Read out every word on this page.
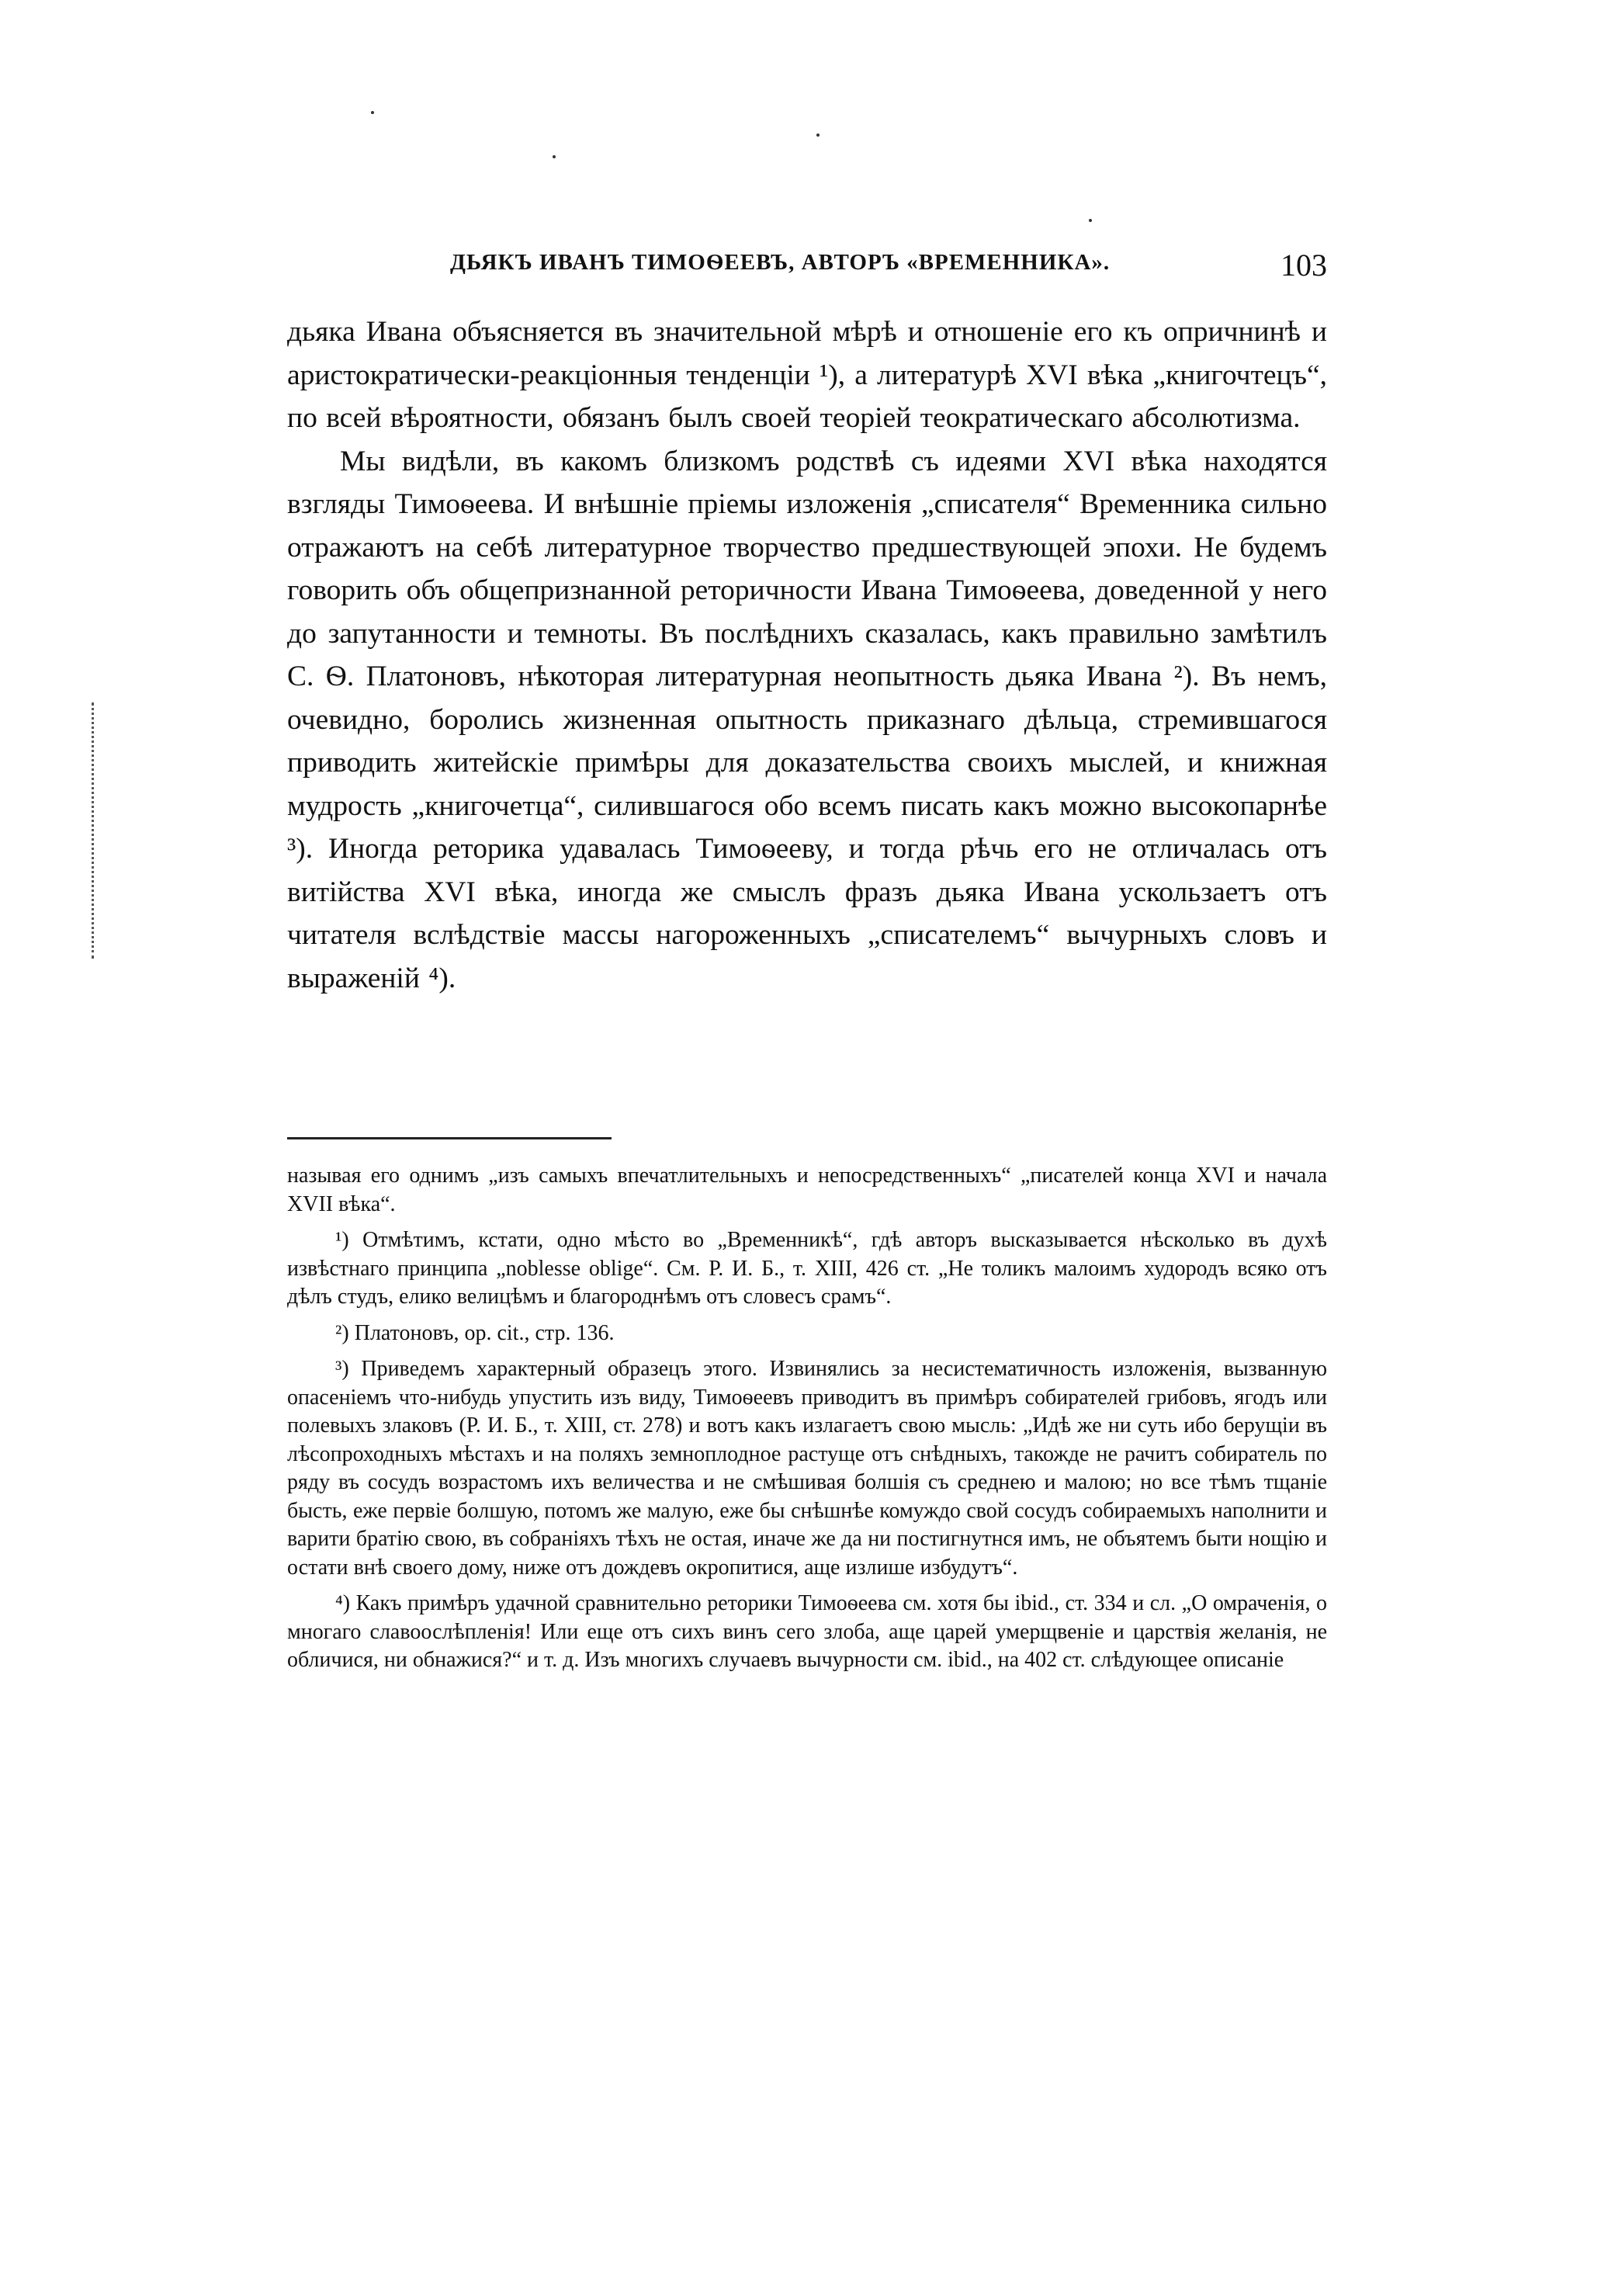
ДЬЯКЪ ИВАНЪ ТИМОѲЕЕВЪ, АВТОРЪ «ВРЕМЕННИКА».	103

дьяка Ивана объясняется въ значительной мѣрѣ и отношеніе его къ опричнинѣ и аристократически-реакціонныя тенденціи ¹), а литературѣ XVI вѣка „книгочтецъ“, по всей вѣроятности, обязанъ былъ своей теоріей теократическаго абсолютизма.

Мы видѣли, въ какомъ близкомъ родствѣ съ идеями XVI вѣка находятся взгляды Тимоѳеева. И внѣшніе пріемы изложенія „списателя“ Временника сильно отражаютъ на себѣ литературное творчество предшествующей эпохи. Не будемъ говорить объ общепризнанной реторичности Ивана Тимоѳеева, доведенной у него до запутанности и темноты. Въ послѣднихъ сказалась, какъ правильно замѣтилъ С. Ѳ. Платоновъ, нѣкоторая литературная неопытность дьяка Ивана ²). Въ немъ, очевидно, боролись жизненная опытность приказнаго дѣльца, стремившагося приводить житейскіе примѣры для доказательства своихъ мыслей, и книжная мудрость „книгочетца“, силившагося обо всемъ писать какъ можно высокопарнѣе ³). Иногда реторика удавалась Тимоѳееву, и тогда рѣчь его не отличалась отъ витійства XVI вѣка, иногда же смыслъ фразъ дьяка Ивана ускользаетъ отъ читателя вслѣдствіе массы нагороженныхъ „списателемъ“ вычурныхъ словъ и выраженій ⁴).

называя его однимъ „изъ самыхъ впечатлительныхъ и непосредственныхъ“ „писателей конца XVI и начала XVII вѣка“.

¹) Отмѣтимъ, кстати, одно мѣсто во „Временникѣ“, гдѣ авторъ высказывается нѣсколько въ духѣ извѣстнаго принципа „noblesse oblige“. См. Р. И. Б., т. XIII, 426 ст. „Не толикъ малоимъ худородъ всяко отъ дѣлъ студъ, елико велицѣмъ и благороднѣмъ отъ словесъ срамъ“.

²) Платоновъ, op. cit., стр. 136.

³) Приведемъ характерный образецъ этого. Извинялись за несистематичность изложенія, вызванную опасеніемъ что-нибудь упустить изъ виду, Тимоѳеевъ приводитъ въ примѣръ собирателей грибовъ, ягодъ или полевыхъ злаковъ (Р. И. Б., т. XIII, ст. 278) и вотъ какъ излагаетъ свою мысль: „Идѣ же ни суть ибо берущіи въ лѣсопроходныхъ мѣстахъ и на поляхъ земноплодное растуще отъ снѣдныхъ, такожде не рачитъ собиратель по ряду въ сосудъ возрастомъ ихъ величества и не смѣшивая болшія съ среднею и малою; но все тѣмъ тщаніе бысть, еже первіе болшую, потомъ же малую, еже бы снѣшнѣе комуждо свой сосудъ собираемыхъ наполнити и варити братію свою, въ собраніяхъ тѣхъ не остая, иначе же да ни постигнутнся имъ, не объятемъ быти нощію и остати внѣ своего дому, ниже отъ дождевъ окропитися, аще излише избудутъ“.

⁴) Какъ примѣръ удачной сравнительно реторики Тимоѳеева см. хотя бы ibid., ст. 334 и сл. „О омраченія, о многаго славоослѣпленія! Или еще отъ сихъ винъ сего злоба, аще царей умерщвеніе и царствія желанія, не обличися, ни обнажися?“ и т. д. Изъ многихъ случаевъ вычурности см. ibid., на 402 ст. слѣдующее описаніе
